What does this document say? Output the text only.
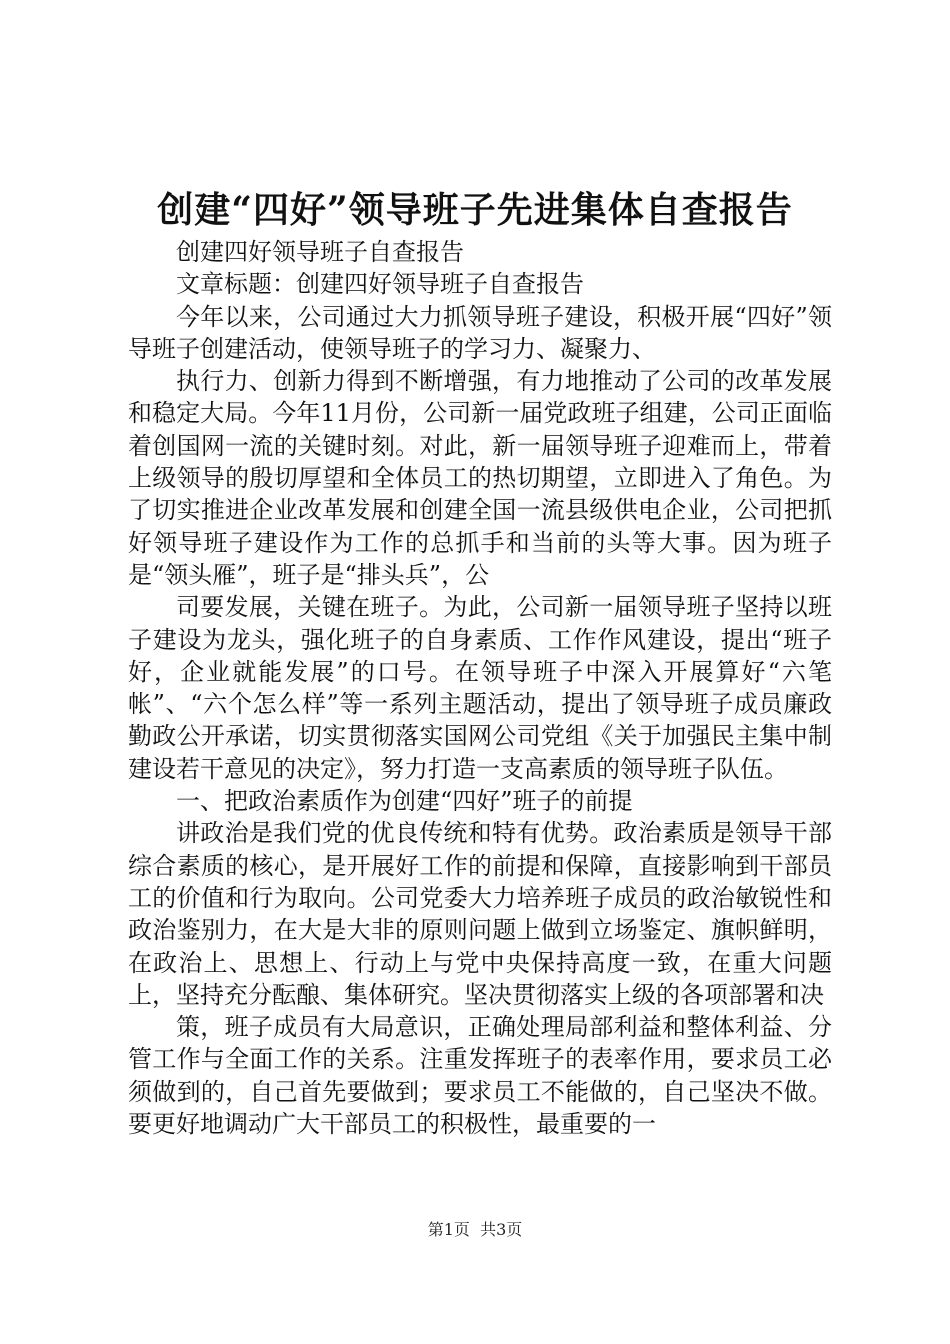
创建“四好”领导班子先进集体自查报告

创建四好领导班子自查报告

文章标题：创建四好领导班子自查报告

今年以来，公司通过大力抓领导班子建设，积极开展“四好”领导班子创建活动，使领导班子的学习力、凝聚力、

执行力、创新力得到不断增强，有力地推动了公司的改革发展和稳定大局。今年11月份，公司新一届党政班子组建，公司正面临着创国网一流的关键时刻。对此，新一届领导班子迎难而上，带着上级领导的殷切厚望和全体员工的热切期望，立即进入了角色。为了切实推进企业改革发展和创建全国一流县级供电企业，公司把抓好领导班子建设作为工作的总抓手和当前的头等大事。因为班子是“领头雁”，班子是“排头兵”，公

司要发展，关键在班子。为此，公司新一届领导班子坚持以班子建设为龙头，强化班子的自身素质、工作作风建设，提出“班子好，企业就能发展”的口号。在领导班子中深入开展算好“六笔帐”、“六个怎么样”等一系列主题活动，提出了领导班子成员廉政勤政公开承诺，切实贯彻落实国网公司党组《关于加强民主集中制建设若干意见的决定》，努力打造一支高素质的领导班子队伍。

一、把政治素质作为创建“四好”班子的前提

讲政治是我们党的优良传统和特有优势。政治素质是领导干部综合素质的核心，是开展好工作的前提和保障，直接影响到干部员工的价值和行为取向。公司党委大力培养班子成员的政治敏锐性和政治鉴别力，在大是大非的原则问题上做到立场鉴定、旗帜鲜明，在政治上、思想上、行动上与党中央保持高度一致，在重大问题上，坚持充分酝酿、集体研究。坚决贯彻落实上级的各项部署和决

策，班子成员有大局意识，正确处理局部利益和整体利益、分管工作与全面工作的关系。注重发挥班子的表率作用，要求员工必须做到的，自己首先要做到；要求员工不能做的，自己坚决不做。要更好地调动广大干部员工的积极性，最重要的一

第1页 共3页
